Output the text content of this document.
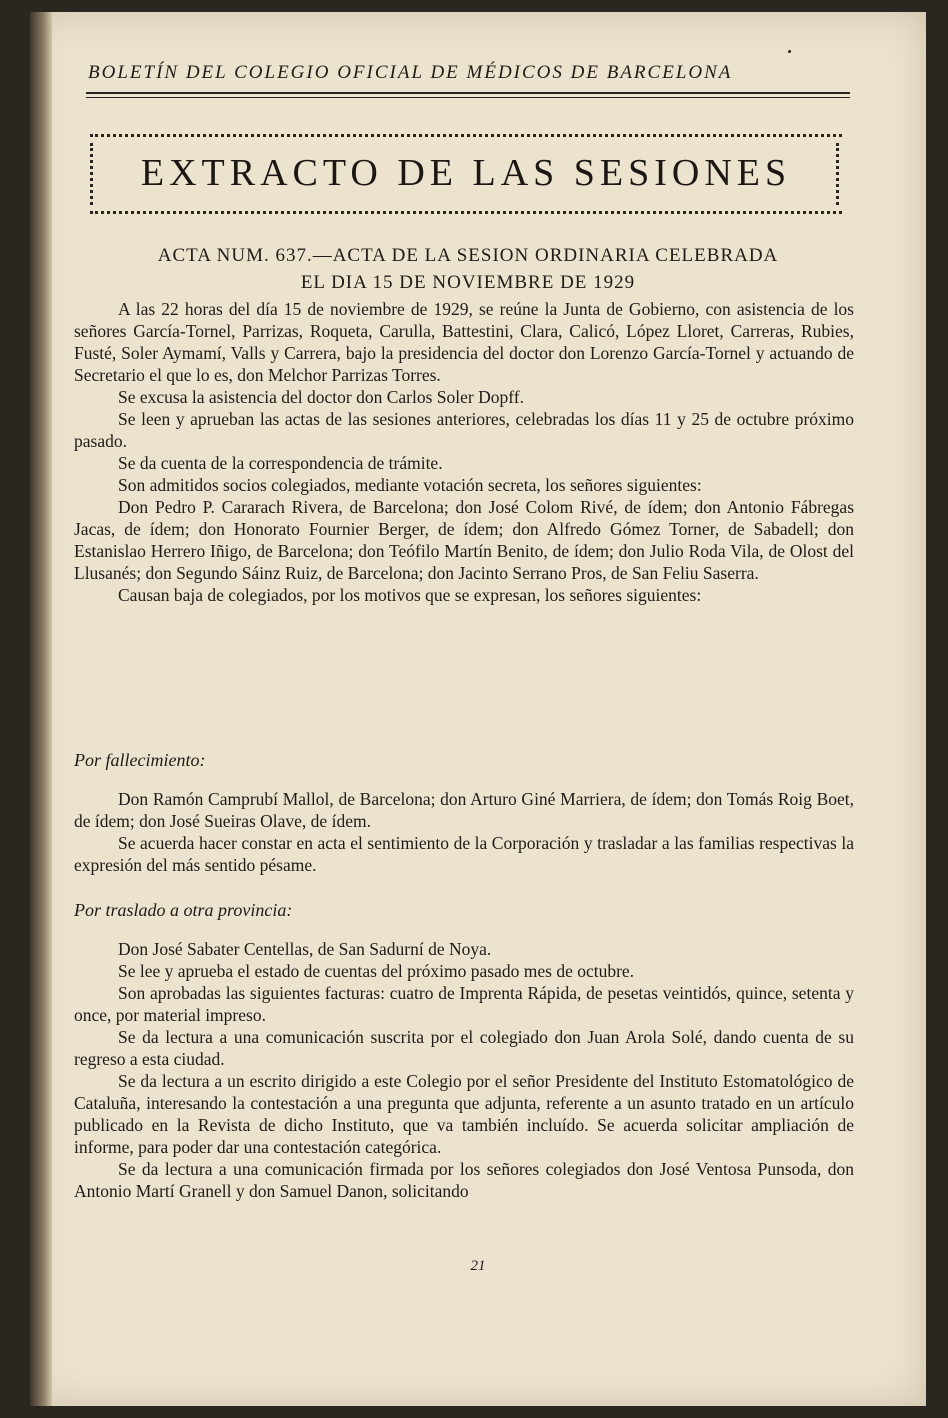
BOLETÍN DEL COLEGIO OFICIAL DE MÉDICOS DE BARCELONA
EXTRACTO DE LAS SESIONES
ACTA NUM. 637.—ACTA DE LA SESION ORDINARIA CELEBRADA
EL DIA 15 DE NOVIEMBRE DE 1929

A las 22 horas del día 15 de noviembre de 1929, se reúne la Junta de Gobierno, con asistencia de los señores García-Tornel, Parrizas, Roqueta, Carulla, Battestini, Clara, Calicó, López Lloret, Carreras, Rubies, Fusté, Soler Aymamí, Valls y Carrera, bajo la presidencia del doctor don Lorenzo García-Tornel y actuando de Secretario el que lo es, don Melchor Parrizas Torres.

Se excusa la asistencia del doctor don Carlos Soler Dopff.

Se leen y aprueban las actas de las sesiones anteriores, celebradas los días 11 y 25 de octubre próximo pasado.

Se da cuenta de la correspondencia de trámite.

Son admitidos socios colegiados, mediante votación secreta, los señores siguientes:

Don Pedro P. Cararach Rivera, de Barcelona; don José Colom Rivé, de ídem; don Antonio Fábregas Jacas, de ídem; don Honorato Fournier Berger, de ídem; don Alfredo Gómez Torner, de Sabadell; don Estanislao Herrero Iñigo, de Barcelona; don Teófilo Martín Benito, de ídem; don Julio Roda Vila, de Olost del Llusanés; don Segundo Sáinz Ruiz, de Barcelona; don Jacinto Serrano Pros, de San Feliu Saserra.

Causan baja de colegiados, por los motivos que se expresan, los señores siguientes:

Por fallecimiento:

Don Ramón Camprubí Mallol, de Barcelona; don Arturo Giné Marriera, de ídem; don Tomás Roig Boet, de ídem; don José Sueiras Olave, de ídem.

Se acuerda hacer constar en acta el sentimiento de la Corporación y trasladar a las familias respectivas la expresión del más sentido pésame.

Por traslado a otra provincia:

Don José Sabater Centellas, de San Sadurní de Noya.

Se lee y aprueba el estado de cuentas del próximo pasado mes de octubre.

Son aprobadas las siguientes facturas: cuatro de Imprenta Rápida, de pesetas veintidós, quince, setenta y once, por material impreso.

Se da lectura a una comunicación suscrita por el colegiado don Juan Arola Solé, dando cuenta de su regreso a esta ciudad.

Se da lectura a un escrito dirigido a este Colegio por el señor Presidente del Instituto Estomatológico de Cataluña, interesando la contestación a una pregunta que adjunta, referente a un asunto tratado en un artículo publicado en la Revista de dicho Instituto, que va también incluído. Se acuerda solicitar ampliación de informe, para poder dar una contestación categórica.

Se da lectura a una comunicación firmada por los señores colegiados don José Ventosa Punsoda, don Antonio Martí Granell y don Samuel Danon, solicitando

21
